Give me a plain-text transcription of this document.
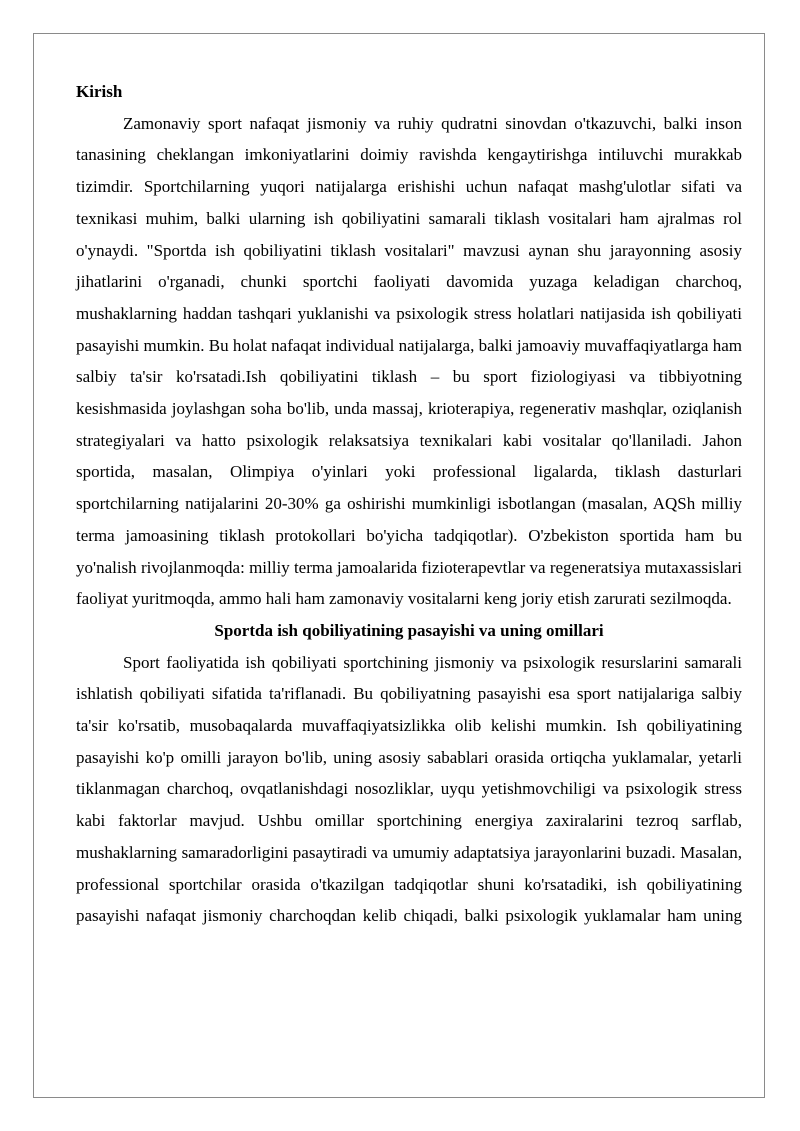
Kirish

Zamonaviy sport nafaqat jismoniy va ruhiy qudratni sinovdan o'tkazuvchi, balki inson tanasining cheklangan imkoniyatlarini doimiy ravishda kengaytirishga intiluvchi murakkab tizimdir. Sportchilarning yuqori natijalarga erishishi uchun nafaqat mashg'ulotlar sifati va texnikasi muhim, balki ularning ish qobiliyatini samarali tiklash vositalari ham ajralmas rol o'ynaydi. "Sportda ish qobiliyatini tiklash vositalari" mavzusi aynan shu jarayonning asosiy jihatlarini o'rganadi, chunki sportchi faoliyati davomida yuzaga keladigan charchoq, mushaklarning haddan tashqari yuklanishi va psixologik stress holatlari natijasida ish qobiliyati pasayishi mumkin. Bu holat nafaqat individual natijalarga, balki jamoaviy muvaffaqiyatlarga ham salbiy ta'sir ko'rsatadi.Ish qobiliyatini tiklash – bu sport fiziologiyasi va tibbiyotning kesishmasida joylashgan soha bo'lib, unda massaj, krioterapiya, regenerativ mashqlar, oziqlanish strategiyalari va hatto psixologik relaksatsiya texnikalari kabi vositalar qo'llaniladi. Jahon sportida, masalan, Olimpiya o'yinlari yoki professional ligalarda, tiklash dasturlari sportchilarning natijalarini 20-30% ga oshirishi mumkinligi isbotlangan (masalan, AQSh milliy terma jamoasining tiklash protokollari bo'yicha tadqiqotlar). O'zbekiston sportida ham bu yo'nalish rivojlanmoqda: milliy terma jamoalarida fizioterapevtlar va regeneratsiya mutaxassislari faoliyat yuritmoqda, ammo hali ham zamonaviy vositalarni keng joriy etish zarurati sezilmoqda.

Sportda ish qobiliyatining pasayishi va uning omillari

Sport faoliyatida ish qobiliyati sportchining jismoniy va psixologik resurslarini samarali ishlatish qobiliyati sifatida ta'riflanadi. Bu qobiliyatning pasayishi esa sport natijalariga salbiy ta'sir ko'rsatib, musobaqalarda muvaffaqiyatsizlikka olib kelishi mumkin. Ish qobiliyatining pasayishi ko'p omilli jarayon bo'lib, uning asosiy sabablari orasida ortiqcha yuklamalar, yetarli tiklanmagan charchoq, ovqatlanishdagi nosozliklar, uyqu yetishmovchiligi va psixologik stress kabi faktorlar mavjud. Ushbu omillar sportchining energiya zaxiralarini tezroq sarflab, mushaklarning samaradorligini pasaytiradi va umumiy adaptatsiya jarayonlarini buzadi. Masalan, professional sportchilar orasida o'tkazilgan tadqiqotlar shuni ko'rsatadiki, ish qobiliyatining pasayishi nafaqat jismoniy charchoqdan kelib chiqadi, balki psixologik yuklamalar ham uning
